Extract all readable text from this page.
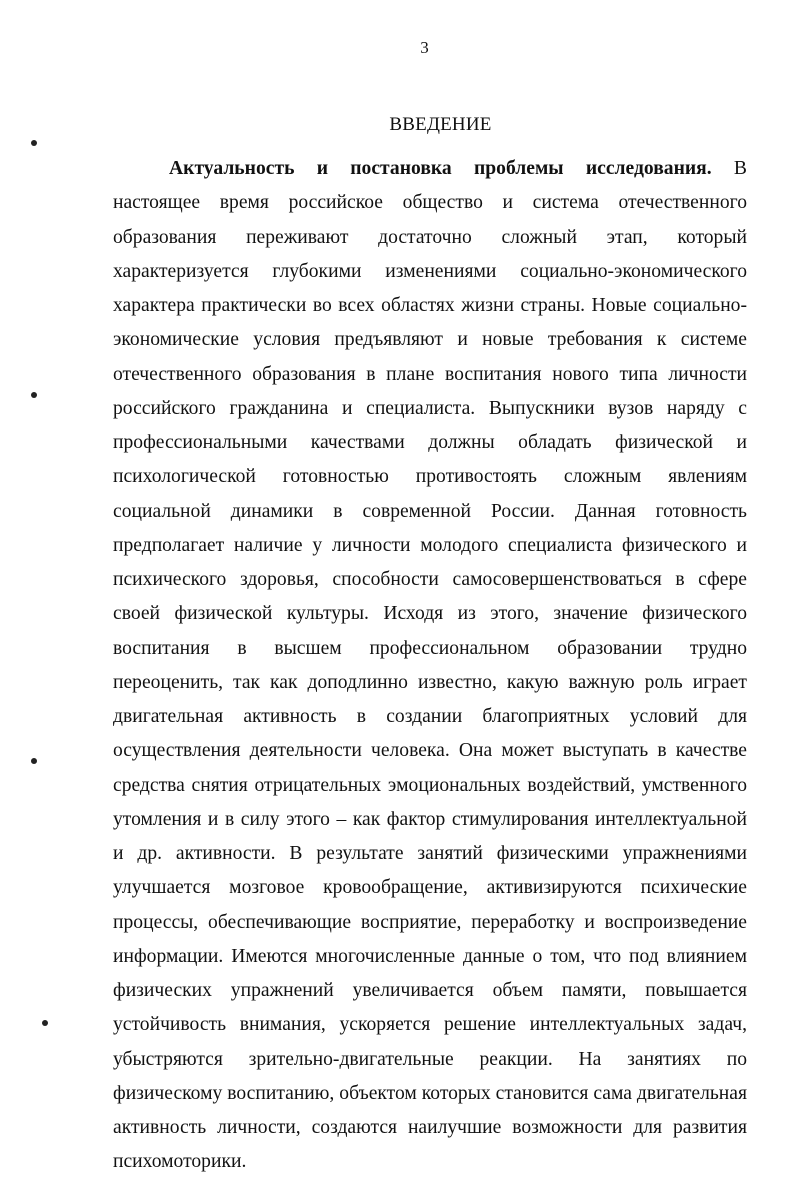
3
ВВЕДЕНИЕ
Актуальность и постановка проблемы исследования. В настоящее время российское общество и система отечественного образования переживают достаточно сложный этап, который характеризуется глубокими изменениями социально-экономического характера практически во всех областях жизни страны. Новые социально-экономические условия предъявляют и новые требования к системе отечественного образования в плане воспитания нового типа личности российского гражданина и специалиста. Выпускники вузов наряду с профессиональными качествами должны обладать физической и психологической готовностью противостоять сложным явлениям социальной динамики в современной России. Данная готовность предполагает наличие у личности молодого специалиста физического и психического здоровья, способности самосовершенствоваться в сфере своей физической культуры. Исходя из этого, значение физического воспитания в высшем профессиональном образовании трудно переоценить, так как доподлинно известно, какую важную роль играет двигательная активность в создании благоприятных условий для осуществления деятельности человека. Она может выступать в качестве средства снятия отрицательных эмоциональных воздействий, умственного утомления и в силу этого – как фактор стимулирования интеллектуальной и др. активности. В результате занятий физическими упражнениями улучшается мозговое кровообращение, активизируются психические процессы, обеспечивающие восприятие, переработку и воспроизведение информации. Имеются многочисленные данные о том, что под влиянием физических упражнений увеличивается объем памяти, повышается устойчивость внимания, ускоряется решение интеллектуальных задач, убыстряются зрительно-двигательные реакции. На занятиях по физическому воспитанию, объектом которых становится сама двигательная активность личности, создаются наилучшие возможности для развития психомоторики.
